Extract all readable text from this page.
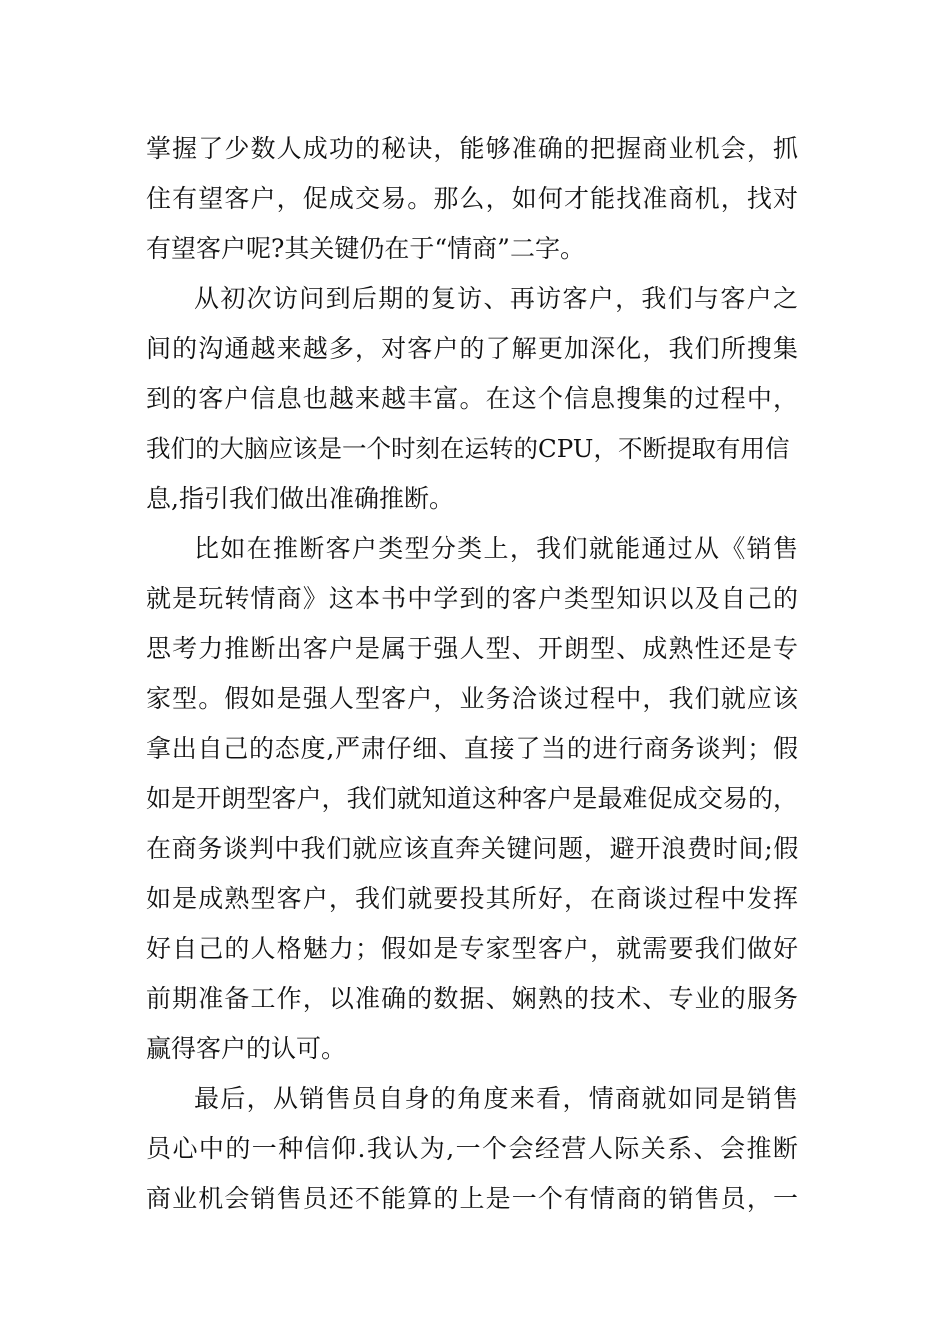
掌握了少数人成功的秘诀，能够准确的把握商业机会，抓
住有望客户，促成交易。那么，如何才能找准商机，找对
有望客户呢?其关键仍在于“情商”二字。
从初次访问到后期的复访、再访客户，我们与客户之
间的沟通越来越多，对客户的了解更加深化，我们所搜集
到的客户信息也越来越丰富。在这个信息搜集的过程中，
我们的大脑应该是一个时刻在运转的CPU，不断提取有用信
息,指引我们做出准确推断。
比如在推断客户类型分类上，我们就能通过从《销售
就是玩转情商》这本书中学到的客户类型知识以及自己的
思考力推断出客户是属于强人型、开朗型、成熟性还是专
家型。假如是强人型客户，业务洽谈过程中，我们就应该
拿出自己的态度,严肃仔细、直接了当的进行商务谈判；假
如是开朗型客户，我们就知道这种客户是最难促成交易的，
在商务谈判中我们就应该直奔关键问题，避开浪费时间;假
如是成熟型客户，我们就要投其所好，在商谈过程中发挥
好自己的人格魅力；假如是专家型客户，就需要我们做好
前期准备工作，以准确的数据、娴熟的技术、专业的服务
赢得客户的认可。
最后，从销售员自身的角度来看，情商就如同是销售
员心中的一种信仰.我认为,一个会经营人际关系、会推断
商业机会销售员还不能算的上是一个有情商的销售员，一
